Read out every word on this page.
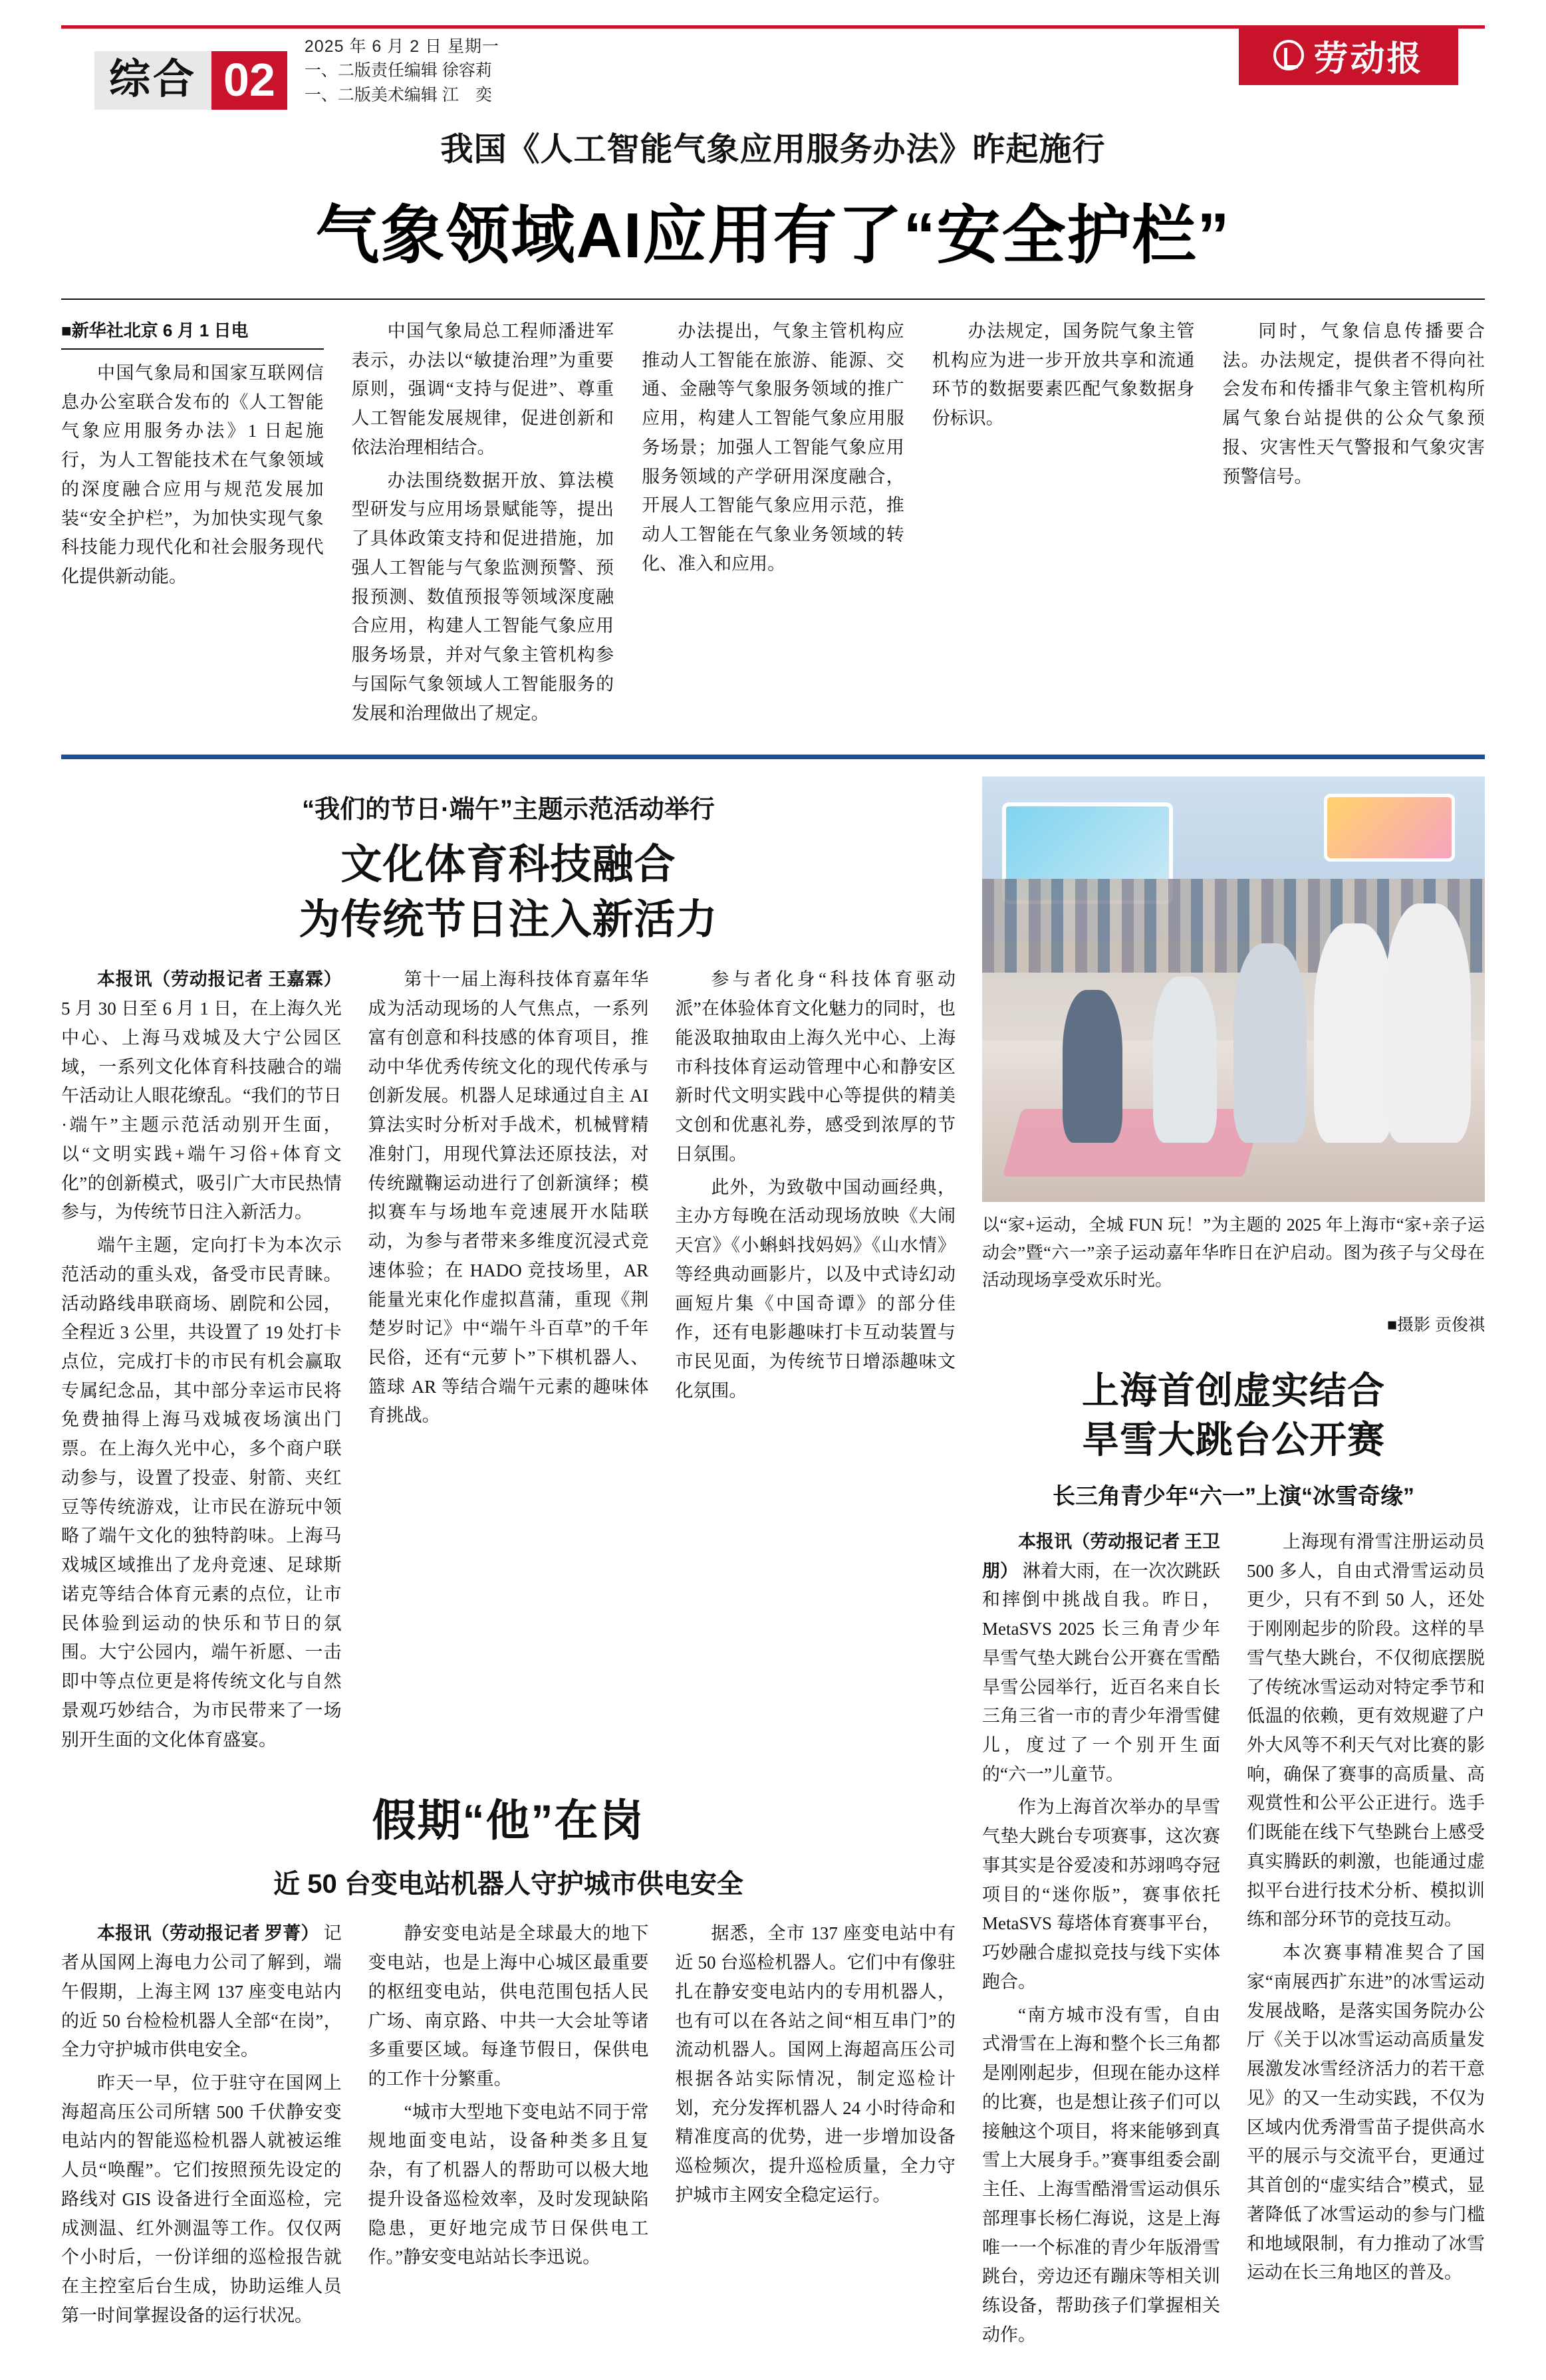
综合 02
2025 年 6 月 2 日 星期一
一、二版责任编辑 徐容莉
一、二版美术编辑 江　奕
劳动报
我国《人工智能气象应用服务办法》昨起施行
气象领域AI应用有了“安全护栏”
■新华社北京 6 月 1 日电

中国气象局和国家互联网信息办公室联合发布的《人工智能气象应用服务办法》1 日起施行，为人工智能技术在气象领域的深度融合应用与规范发展加装“安全护栏”，为加快实现气象科技能力现代化和社会服务现代化提供新动能。

中国气象局总工程师潘进军表示，办法以“敏捷治理”为重要原则，强调“支持与促进”、尊重人工智能发展规律，促进创新和依法治理相结合。

办法围绕数据开放、算法模型研发与应用场景赋能等，提出了具体政策支持和促进措施，加强人工智能与气象监测预警、预报预测、数值预报等领域深度融合应用，构建人工智能气象应用服务场景，并对气象主管机构参与国际气象领域人工智能服务的发展和治理做出了规定。

办法提出，气象主管机构应推动人工智能在旅游、能源、交通、金融等气象服务领域的推广应用，构建人工智能气象应用服务场景；加强人工智能气象应用服务领域的产学研用深度融合，开展人工智能气象应用示范，推动人工智能在气象业务领域的转化、准入和应用。

办法规定，国务院气象主管机构应为进一步开放共享和流通环节的数据要素匹配气象数据身份标识。

同时，气象信息传播要合法。办法规定，提供者不得向社会发布和传播非气象主管机构所属气象台站提供的公众气象预报、灾害性天气警报和气象灾害预警信号。

“我们的节日·端午”主题示范活动举行
文化体育科技融合
为传统节日注入新活力

本报讯（劳动报记者 王嘉霖） 5 月 30 日至 6 月 1 日，在上海久光中心、上海马戏城及大宁公园区域，一系列文化体育科技融合的端午活动让人眼花缭乱。“我们的节日·端午”主题示范活动别开生面，以“文明实践+端午习俗+体育文化”的创新模式，吸引广大市民热情参与，为传统节日注入新活力。

端午主题，定向打卡为本次示范活动的重头戏，备受市民青睐。活动路线串联商场、剧院和公园，全程近 3 公里，共设置了 19 处打卡点位，完成打卡的市民有机会赢取专属纪念品，其中部分幸运市民将免费抽得上海马戏城夜场演出门票。在上海久光中心，多个商户联动参与，设置了投壶、射箭、夹红豆等传统游戏，让市民在游玩中领略了端午文化的独特韵味。上海马戏城区域推出了龙舟竞速、足球斯诺克等结合体育元素的点位，让市民体验到运动的快乐和节日的氛围。大宁公园内，端午祈愿、一击即中等点位更是将传统文化与自然景观巧妙结合，为市民带来了一场别开生面的文化体育盛宴。

第十一届上海科技体育嘉年华成为活动现场的人气焦点，一系列富有创意和科技感的体育项目，推动中华优秀传统文化的现代传承与创新发展。机器人足球通过自主 AI 算法实时分析对手战术，机械臂精准射门，用现代算法还原技法，对传统蹴鞠运动进行了创新演绎；模拟赛车与场地车竞速展开水陆联动，为参与者带来多维度沉浸式竞速体验；在 HADO 竞技场里，AR 能量光束化作虚拟菖蒲，重现《荆楚岁时记》中“端午斗百草”的千年民俗，还有“元萝卜”下棋机器人、篮球 AR 等结合端午元素的趣味体育挑战。

参与者化身“科技体育驱动派”在体验体育文化魅力的同时，也能汲取抽取由上海久光中心、上海市科技体育运动管理中心和静安区新时代文明实践中心等提供的精美文创和优惠礼券，感受到浓厚的节日氛围。

此外，为致敬中国动画经典，主办方每晚在活动现场放映《大闹天宫》《小蝌蚪找妈妈》《山水情》等经典动画影片，以及中式诗幻动画短片集《中国奇谭》的部分佳作，还有电影趣味打卡互动装置与市民见面，为传统节日增添趣味文化氛围。

假期“他”在岗
近 50 台变电站机器人守护城市供电安全

本报讯（劳动报记者 罗菁） 记者从国网上海电力公司了解到，端午假期，上海主网 137 座变电站内的近 50 台检检机器人全部“在岗”，全力守护城市供电安全。

昨天一早，位于驻守在国网上海超高压公司所辖 500 千伏静安变电站内的智能巡检机器人就被运维人员“唤醒”。它们按照预先设定的路线对 GIS 设备进行全面巡检，完成测温、红外测温等工作。仅仅两个小时后，一份详细的巡检报告就在主控室后台生成，协助运维人员第一时间掌握设备的运行状况。

静安变电站是全球最大的地下变电站，也是上海中心城区最重要的枢纽变电站，供电范围包括人民广场、南京路、中共一大会址等诸多重要区域。每逢节假日，保供电的工作十分繁重。

“城市大型地下变电站不同于常规地面变电站，设备种类多且复杂，有了机器人的帮助可以极大地提升设备巡检效率，及时发现缺陷隐患，更好地完成节日保供电工作。”静安变电站站长李迅说。

据悉，全市 137 座变电站中有近 50 台巡检机器人。它们中有像驻扎在静安变电站内的专用机器人，也有可以在各站之间“相互串门”的流动机器人。国网上海超高压公司根据各站实际情况，制定巡检计划，充分发挥机器人 24 小时待命和精准度高的优势，进一步增加设备巡检频次，提升巡检质量，全力守护城市主网安全稳定运行。

以“家+运动，全城 FUN 玩！”为主题的 2025 年上海市“家+亲子运动会”暨“六一”亲子运动嘉年华昨日在沪启动。图为孩子与父母在活动现场享受欢乐时光。

■摄影 贡俊祺
上海首创虚实结合
旱雪大跳台公开赛
长三角青少年“六一”上演“冰雪奇缘”

本报讯（劳动报记者 王卫朋） 淋着大雨，在一次次跳跃和摔倒中挑战自我。昨日，MetaSVS 2025 长三角青少年旱雪气垫大跳台公开赛在雪酷旱雪公园举行，近百名来自长三角三省一市的青少年滑雪健儿，度过了一个别开生面的“六一”儿童节。

作为上海首次举办的旱雪气垫大跳台专项赛事，这次赛事其实是谷爱凌和苏翊鸣夺冠项目的“迷你版”，赛事依托 MetaSVS 莓塔体育赛事平台，巧妙融合虚拟竞技与线下实体跑合。

“南方城市没有雪，自由式滑雪在上海和整个长三角都是刚刚起步，但现在能办这样的比赛，也是想让孩子们可以接触这个项目，将来能够到真雪上大展身手。”赛事组委会副主任、上海雪酷滑雪运动俱乐部理事长杨仁海说，这是上海唯一一个标准的青少年版滑雪跳台，旁边还有蹦床等相关训练设备，帮助孩子们掌握相关动作。

上海现有滑雪注册运动员 500 多人，自由式滑雪运动员更少，只有不到 50 人，还处于刚刚起步的阶段。这样的旱雪气垫大跳台，不仅彻底摆脱了传统冰雪运动对特定季节和低温的依赖，更有效规避了户外大风等不利天气对比赛的影响，确保了赛事的高质量、高观赏性和公平公正进行。选手们既能在线下气垫跳台上感受真实腾跃的刺激，也能通过虚拟平台进行技术分析、模拟训练和部分环节的竞技互动。

本次赛事精准契合了国家“南展西扩东进”的冰雪运动发展战略，是落实国务院办公厅《关于以冰雪运动高质量发展激发冰雪经济活力的若干意见》的又一生动实践，不仅为区域内优秀滑雪苗子提供高水平的展示与交流平台，更通过其首创的“虚实结合”模式，显著降低了冰雪运动的参与门槛和地域限制，有力推动了冰雪运动在长三角地区的普及。
